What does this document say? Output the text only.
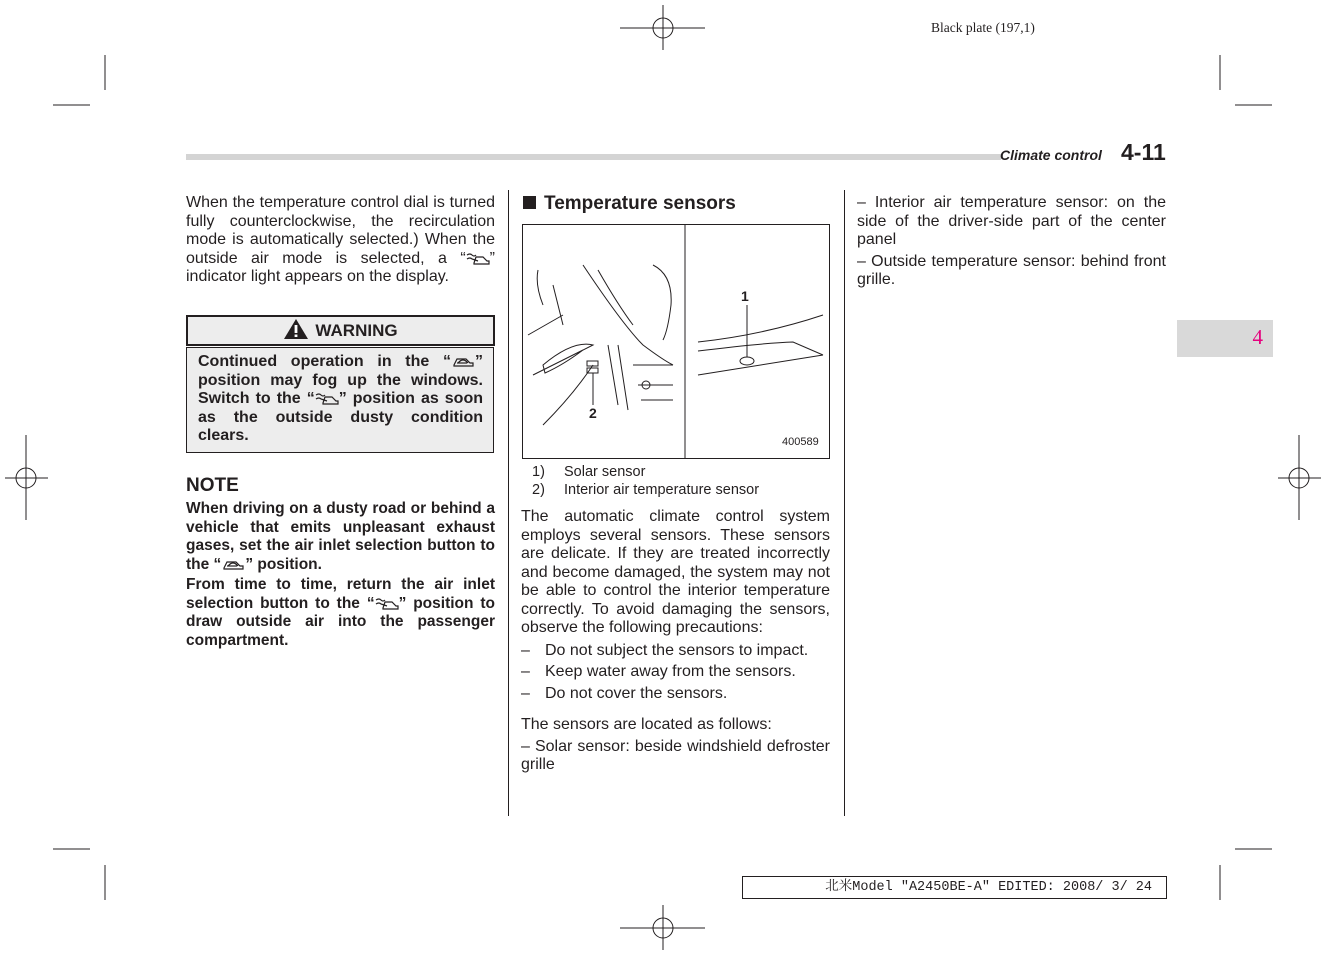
Black plate (197,1)
Climate control 4-11
4

When the temperature control dial is turned fully counterclockwise, the recirculation mode is automatically selected.) When the outside air mode is selected, a “ ” indicator light appears on the display.

WARNING
Continued operation in the “ ” position may fog up the windows. Switch to the “ ” position as soon as the outside dusty condition clears.
NOTE

When driving on a dusty road or behind a vehicle that emits unpleasant exhaust gases, set the air inlet selection button to the “ ” position.

From time to time, return the air inlet selection button to the “ ” position to draw outside air into the passenger compartment.

Temperature sensors
1
2
400589
1) Solar sensor
2) Interior air temperature sensor

The automatic climate control system employs several sensors. These sensors are delicate. If they are treated incorrectly and become damaged, the system may not be able to control the interior temperature correctly. To avoid damaging the sensors, observe the following precautions:

– Do not subject the sensors to impact.
– Keep water away from the sensors.
– Do not cover the sensors.

The sensors are located as follows:

– Solar sensor: beside windshield defroster grille

– Interior air temperature sensor: on the side of the driver-side part of the center panel

– Outside temperature sensor: behind front grille.

北米Model "A2450BE-A" EDITED: 2008/ 3/ 24
